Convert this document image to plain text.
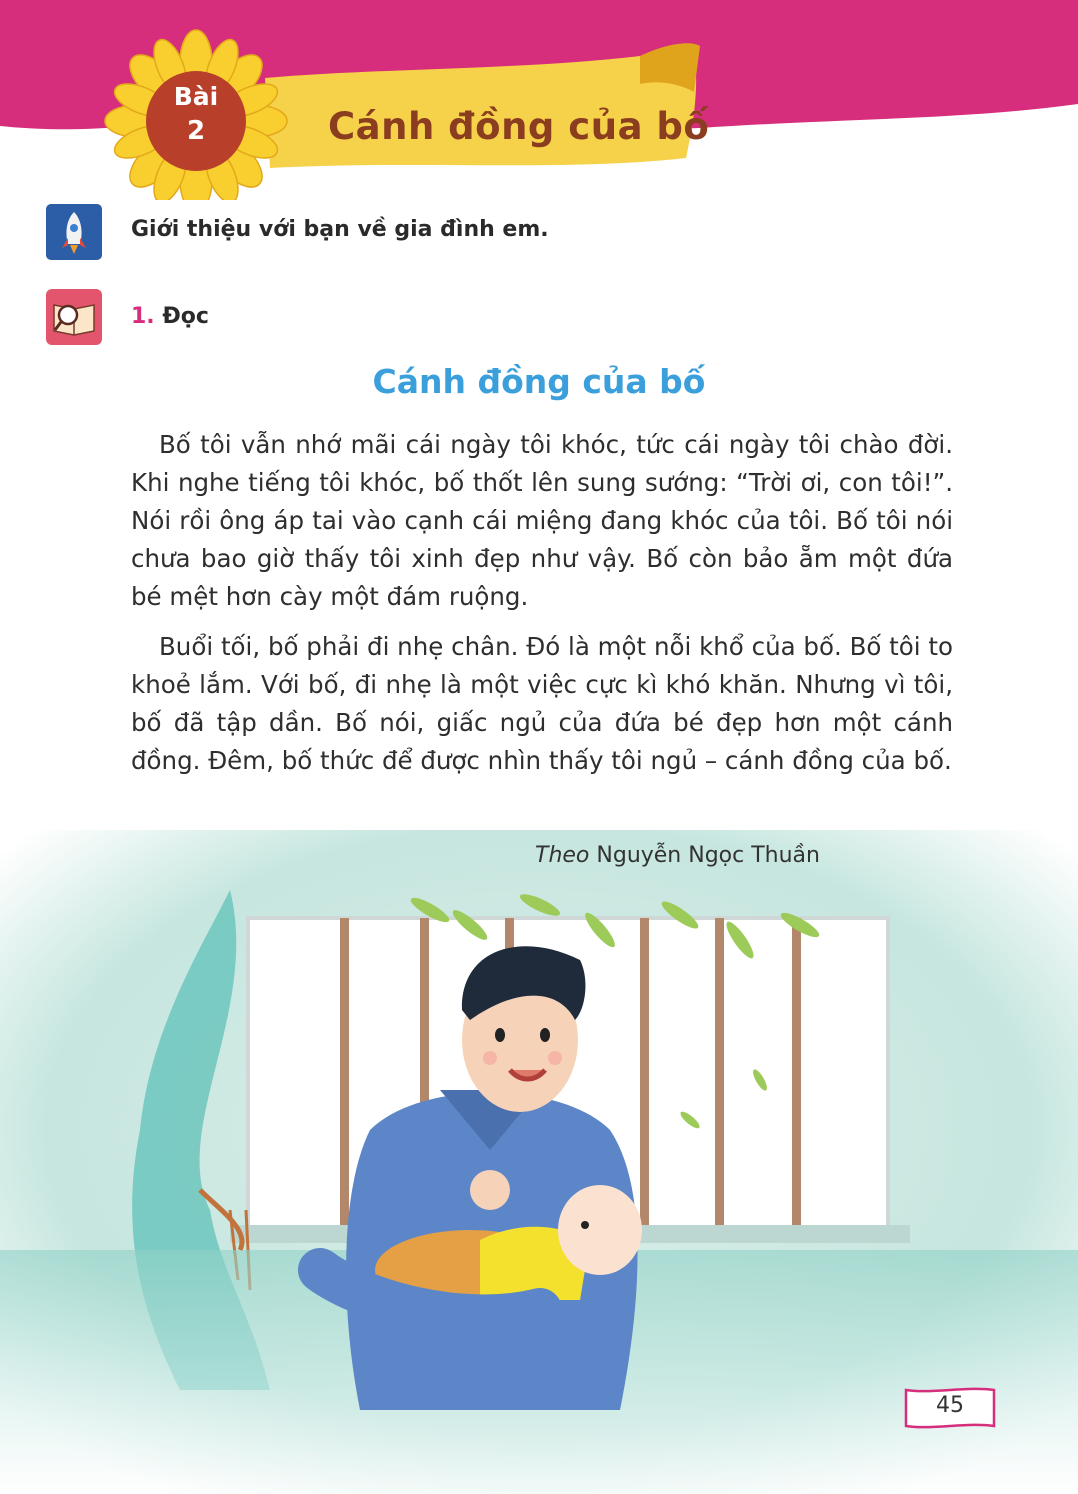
Bài
2	Cánh đồng của bố
Giới thiệu với bạn về gia đình em.
1. Đọc
Cánh đồng của bố

Bố tôi vẫn nhớ mãi cái ngày tôi khóc, tức cái ngày tôi chào đời. Khi nghe tiếng tôi khóc, bố thốt lên sung sướng: “Trời ơi, con tôi!”. Nói rồi ông áp tai vào cạnh cái miệng đang khóc của tôi. Bố tôi nói chưa bao giờ thấy tôi xinh đẹp như vậy. Bố còn bảo ẵm một đứa bé mệt hơn cày một đám ruộng.

Buổi tối, bố phải đi nhẹ chân. Đó là một nỗi khổ của bố. Bố tôi to khoẻ lắm. Với bố, đi nhẹ là một việc cực kì khó khăn. Nhưng vì tôi, bố đã tập dần. Bố nói, giấc ngủ của đứa bé đẹp hơn một cánh đồng. Đêm, bố thức để được nhìn thấy tôi ngủ – cánh đồng của bố.

Theo Nguyễn Ngọc Thuần
45
